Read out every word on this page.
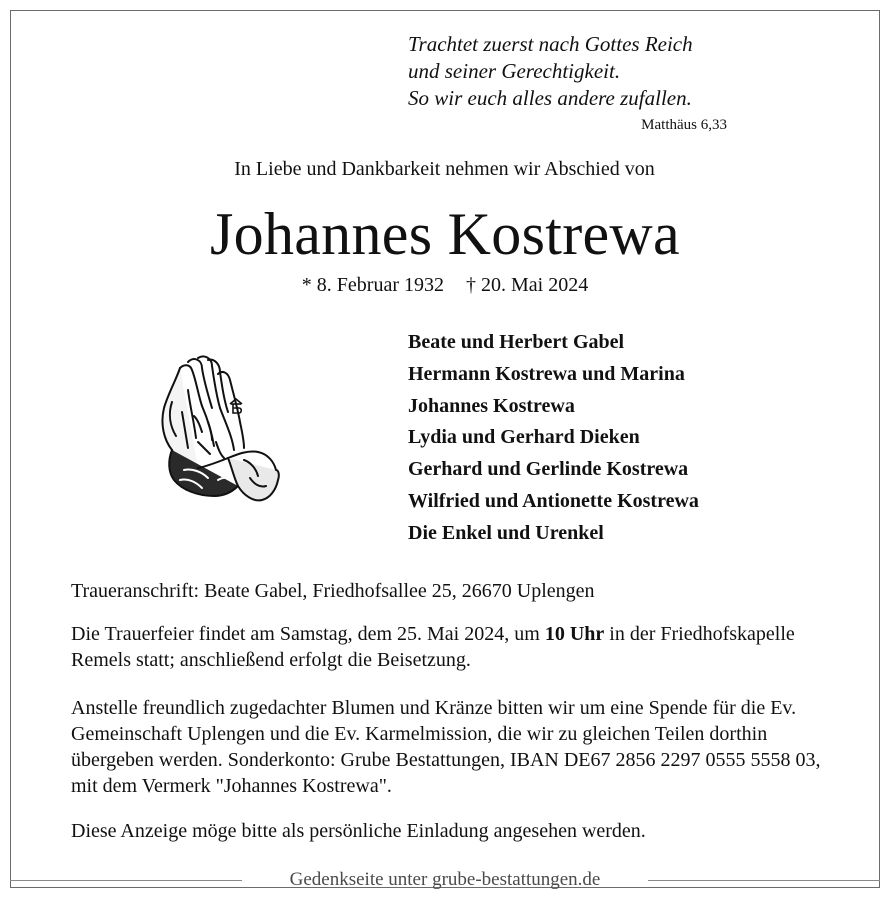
Trachtet zuerst nach Gottes Reich
und seiner Gerechtigkeit.
So wir euch alles andere zufallen.
Matthäus 6,33
In Liebe und Dankbarkeit nehmen wir Abschied von
Johannes Kostrewa
* 8. Februar 1932 † 20. Mai 2024
Beate und Herbert Gabel
Hermann Kostrewa und Marina
Johannes Kostrewa
Lydia und Gerhard Dieken
Gerhard und Gerlinde Kostrewa
Wilfried und Antionette Kostrewa
Die Enkel und Urenkel
Traueranschrift: Beate Gabel, Friedhofsallee 25, 26670 Uplengen
Die Trauerfeier findet am Samstag, dem 25. Mai 2024, um 10 Uhr in der Friedhofskapelle Remels statt; anschließend erfolgt die Beisetzung.
Anstelle freundlich zugedachter Blumen und Kränze bitten wir um eine Spende für die Ev. Gemeinschaft Uplengen und die Ev. Karmelmission, die wir zu gleichen Teilen dorthin übergeben werden. Sonderkonto: Grube Bestattungen, IBAN DE67 2856 2297 0555 5558 03, mit dem Vermerk "Johannes Kostrewa".
Diese Anzeige möge bitte als persönliche Einladung angesehen werden.
Gedenkseite unter grube-bestattungen.de
